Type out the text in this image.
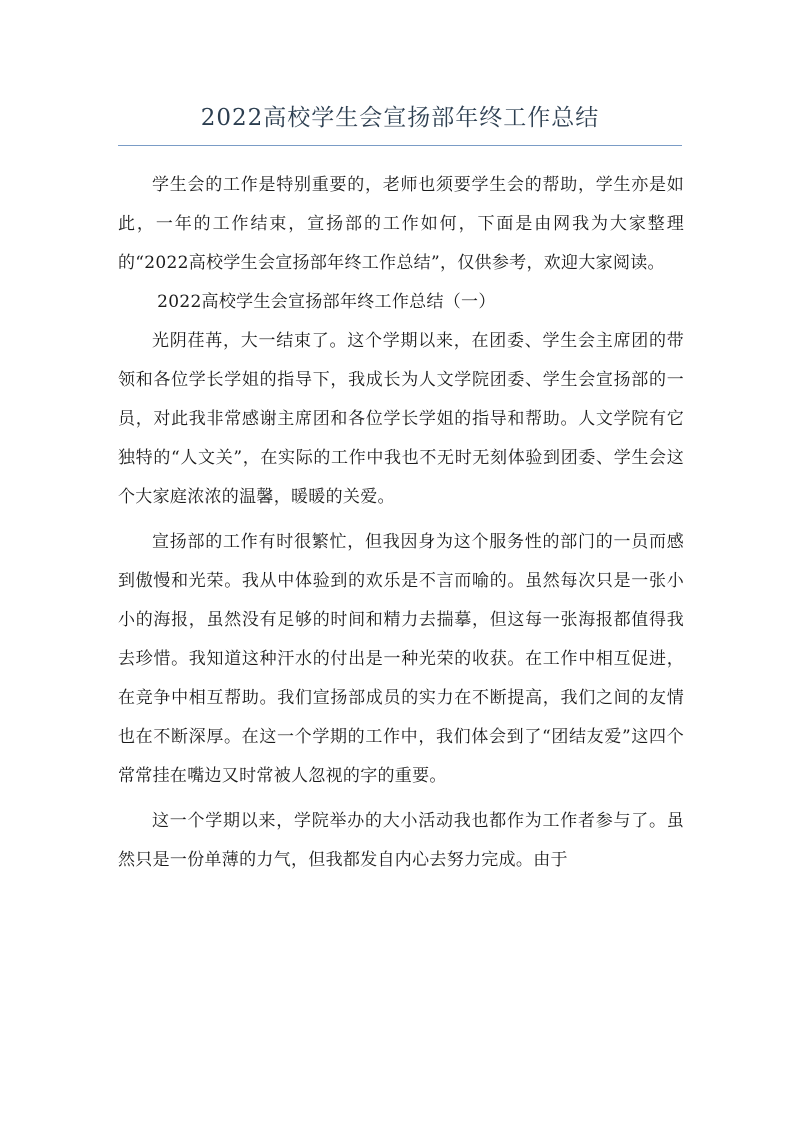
2022高校学生会宣扬部年终工作总结

学生会的工作是特别重要的，老师也须要学生会的帮助，学生亦是如此，一年的工作结束，宣扬部的工作如何，下面是由网我为大家整理的“2022高校学生会宣扬部年终工作总结”，仅供参考，欢迎大家阅读。

2022高校学生会宣扬部年终工作总结（一）

光阴荏苒，大一结束了。这个学期以来，在团委、学生会主席团的带领和各位学长学姐的指导下，我成长为人文学院团委、学生会宣扬部的一员，对此我非常感谢主席团和各位学长学姐的指导和帮助。人文学院有它独特的“人文关”，在实际的工作中我也不无时无刻体验到团委、学生会这个大家庭浓浓的温馨，暖暖的关爱。

宣扬部的工作有时很繁忙，但我因身为这个服务性的部门的一员而感到傲慢和光荣。我从中体验到的欢乐是不言而喻的。虽然每次只是一张小小的海报，虽然没有足够的时间和精力去揣摹，但这每一张海报都值得我去珍惜。我知道这种汗水的付出是一种光荣的收获。在工作中相互促进，在竞争中相互帮助。我们宣扬部成员的实力在不断提高，我们之间的友情也在不断深厚。在这一个学期的工作中，我们体会到了“团结友爱”这四个常常挂在嘴边又时常被人忽视的字的重要。

这一个学期以来，学院举办的大小活动我也都作为工作者参与了。虽然只是一份单薄的力气，但我都发自内心去努力完成。由于
